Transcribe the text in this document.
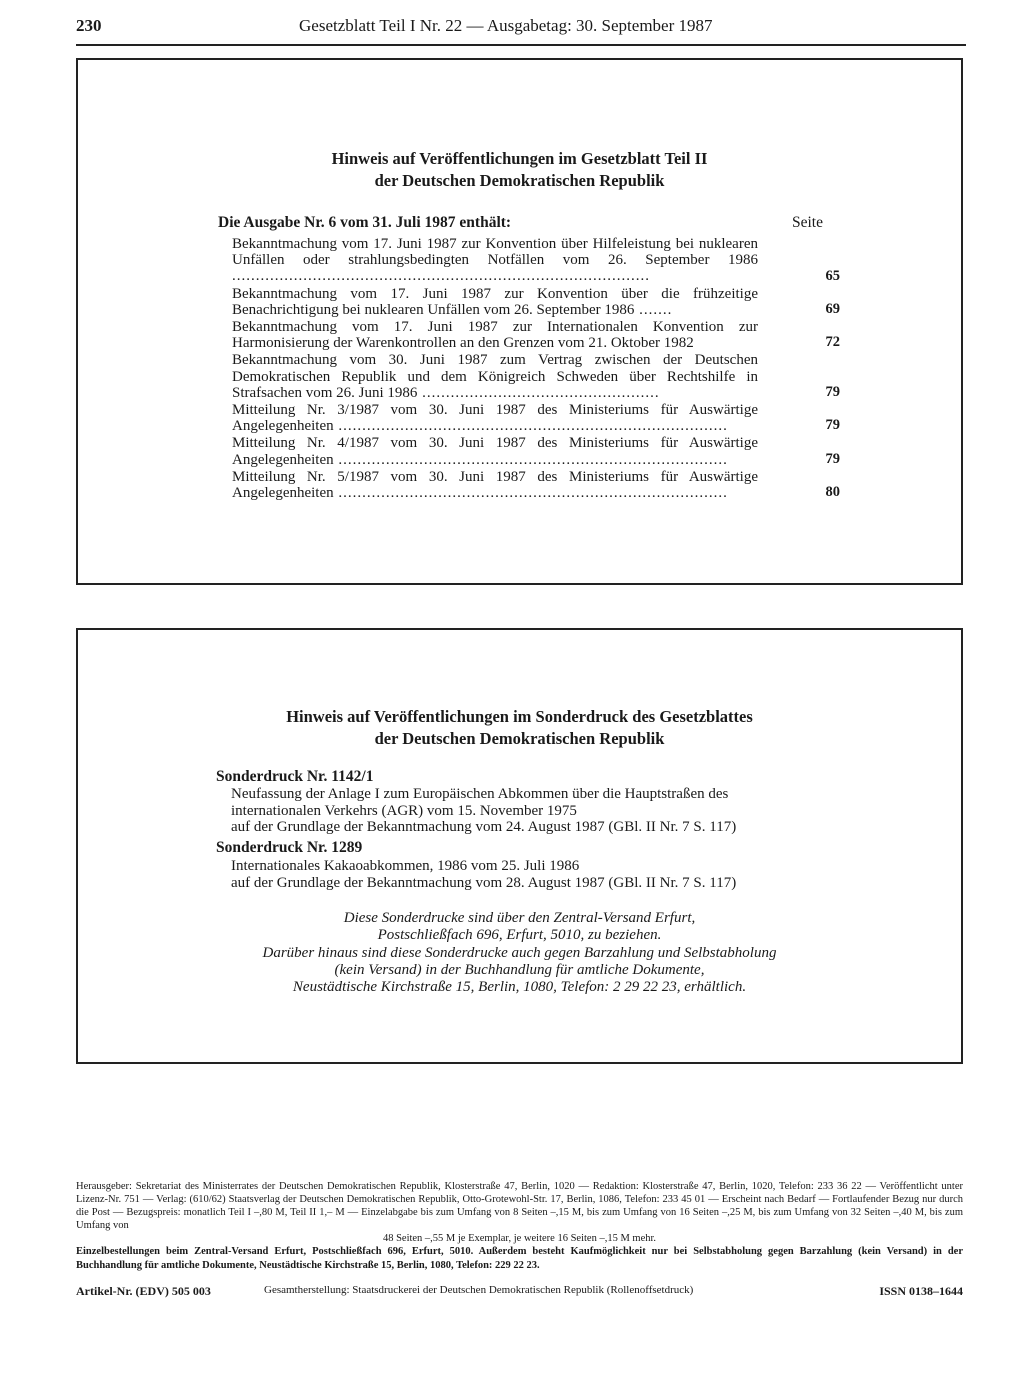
230	Gesetzblatt Teil I Nr. 22 — Ausgabetag: 30. September 1987
Hinweis auf Veröffentlichungen im Gesetzblatt Teil II
der Deutschen Demokratischen Republik
Die Ausgabe Nr. 6 vom 31. Juli 1987 enthält:	Seite
Bekanntmachung vom 17. Juni 1987 zur Konvention über Hilfeleistung bei nuklearen Unfällen oder strahlungsbedingten Notfällen vom 26. September 1986 ........................................................................................	65
Bekanntmachung vom 17. Juni 1987 zur Konvention über die frühzeitige Benachrichtigung bei nuklearen Unfällen vom 26. September 1986 .......	69
Bekanntmachung vom 17. Juni 1987 zur Internationalen Konvention zur Harmonisierung der Warenkontrollen an den Grenzen vom 21. Oktober 1982	72
Bekanntmachung vom 30. Juni 1987 zum Vertrag zwischen der Deutschen Demokratischen Republik und dem Königreich Schweden über Rechtshilfe in Strafsachen vom 26. Juni 1986 ..................................................	79
Mitteilung Nr. 3/1987 vom 30. Juni 1987 des Ministeriums für Auswärtige Angelegenheiten ..................................................................................	79
Mitteilung Nr. 4/1987 vom 30. Juni 1987 des Ministeriums für Auswärtige Angelegenheiten ..................................................................................	79
Mitteilung Nr. 5/1987 vom 30. Juni 1987 des Ministeriums für Auswärtige Angelegenheiten ..................................................................................	80
Hinweis auf Veröffentlichungen im Sonderdruck des Gesetzblattes
der Deutschen Demokratischen Republik
Sonderdruck Nr. 1142/1
Neufassung der Anlage I zum Europäischen Abkommen über die Hauptstraßen des
internationalen Verkehrs (AGR) vom 15. November 1975
auf der Grundlage der Bekanntmachung vom 24. August 1987 (GBl. II Nr. 7 S. 117)
Sonderdruck Nr. 1289
Internationales Kakaoabkommen, 1986 vom 25. Juli 1986
auf der Grundlage der Bekanntmachung vom 28. August 1987 (GBl. II Nr. 7 S. 117)
Diese Sonderdrucke sind über den Zentral-Versand Erfurt,
Postschließfach 696, Erfurt, 5010, zu beziehen.
Darüber hinaus sind diese Sonderdrucke auch gegen Barzahlung und Selbstabholung
(kein Versand) in der Buchhandlung für amtliche Dokumente,
Neustädtische Kirchstraße 15, Berlin, 1080, Telefon: 2 29 22 23, erhältlich.
Herausgeber: Sekretariat des Ministerrates der Deutschen Demokratischen Republik, Klosterstraße 47, Berlin, 1020 — Redaktion: Klosterstraße 47, Berlin, 1020, Telefon: 233 36 22 — Veröffentlicht unter Lizenz-Nr. 751 — Verlag: (610/62) Staatsverlag der Deutschen Demokratischen Republik, Otto-Grotewohl-Str. 17, Berlin, 1086, Telefon: 233 45 01 — Erscheint nach Bedarf — Fortlaufender Bezug nur durch die Post — Bezugspreis: monatlich Teil I –,80 M, Teil II 1,– M — Einzelabgabe bis zum Umfang von 8 Seiten –,15 M, bis zum Umfang von 16 Seiten –,25 M, bis zum Umfang von 32 Seiten –,40 M, bis zum Umfang von
48 Seiten –,55 M je Exemplar, je weitere 16 Seiten –,15 M mehr.
Einzelbestellungen beim Zentral-Versand Erfurt, Postschließfach 696, Erfurt, 5010. Außerdem besteht Kaufmöglichkeit nur bei Selbstabholung gegen Barzahlung (kein Versand) in der Buchhandlung für amtliche Dokumente, Neustädtische Kirchstraße 15, Berlin, 1080, Telefon: 229 22 23.
Artikel-Nr. (EDV) 505 003	Gesamtherstellung: Staatsdruckerei der Deutschen Demokratischen Republik (Rollenoffsetdruck)	ISSN 0138–1644
